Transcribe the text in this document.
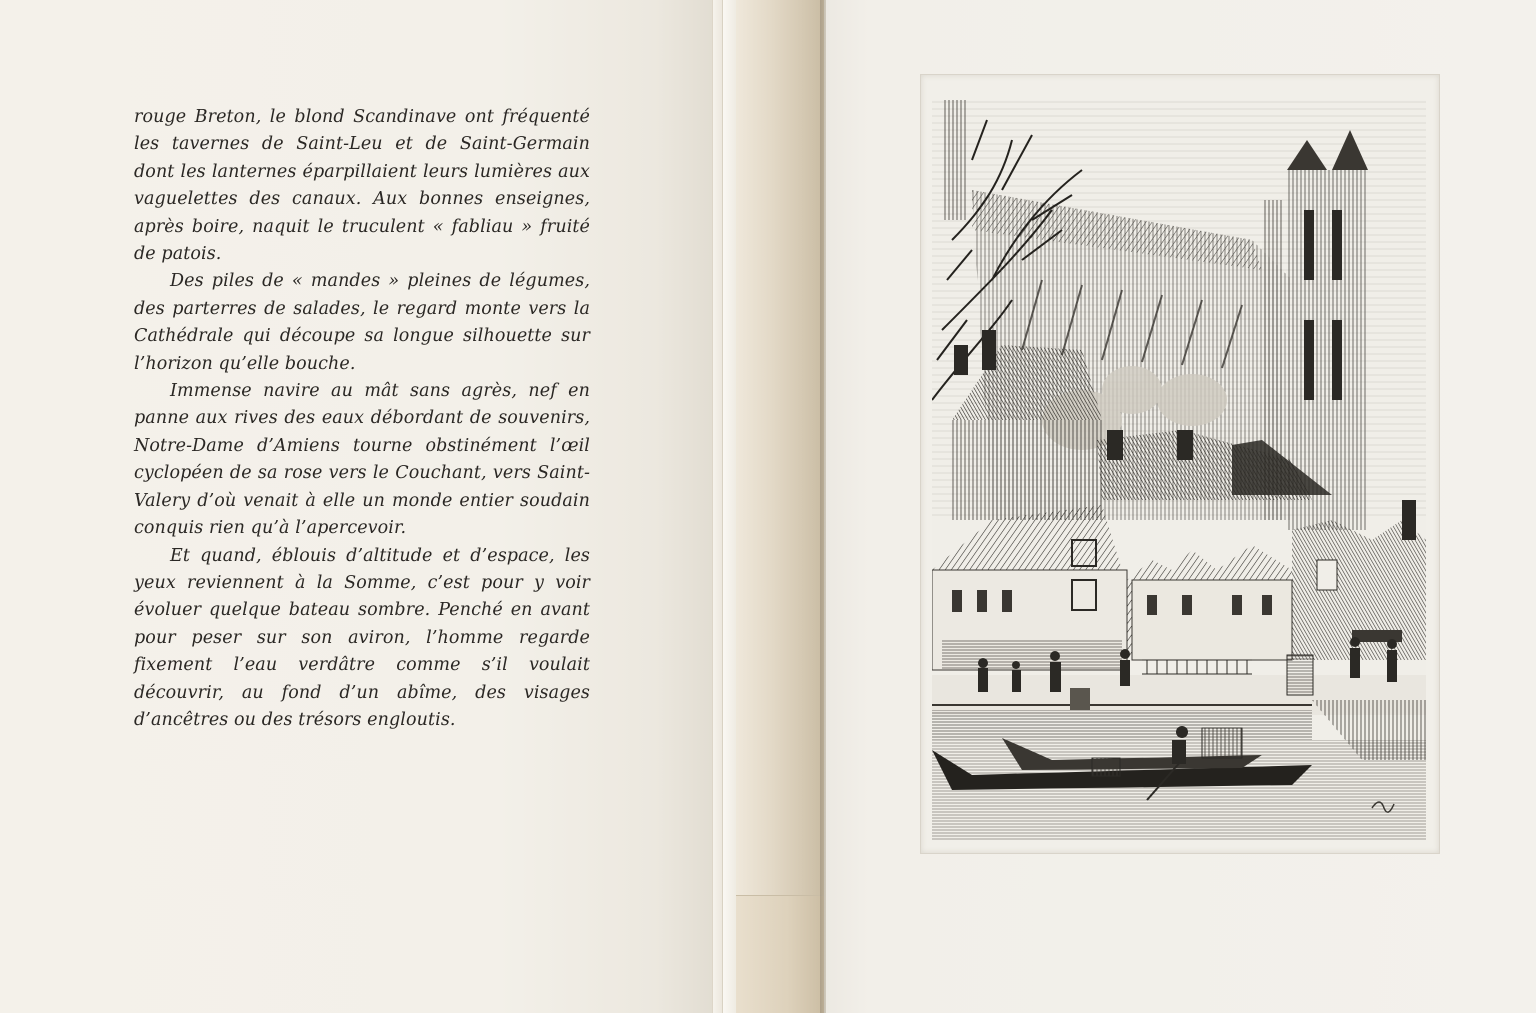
rouge Breton, le blond Scandinave ont fréquenté les tavernes de Saint-Leu et de Saint-Germain dont les lanternes éparpillaient leurs lumières aux vaguelettes des canaux. Aux bonnes enseignes, après boire, naquit le truculent « fabliau » fruité de patois.

Des piles de « mandes » pleines de légumes, des parterres de salades, le regard monte vers la Cathédrale qui découpe sa longue silhouette sur l’horizon qu’elle bouche.

Immense navire au mât sans agrès, nef en panne aux rives des eaux débordant de souvenirs, Notre-Dame d’Amiens tourne obstinément l’œil cyclopéen de sa rose vers le Couchant, vers Saint-Valery d’où venait à elle un monde entier soudain conquis rien qu’à l’apercevoir.

Et quand, éblouis d’altitude et d’espace, les yeux reviennent à la Somme, c’est pour y voir évoluer quelque bateau sombre. Penché en avant pour peser sur son aviron, l’homme regarde fixement l’eau verdâtre comme s’il voulait découvrir, au fond d’un abîme, des visages d’ancêtres ou des trésors engloutis.
